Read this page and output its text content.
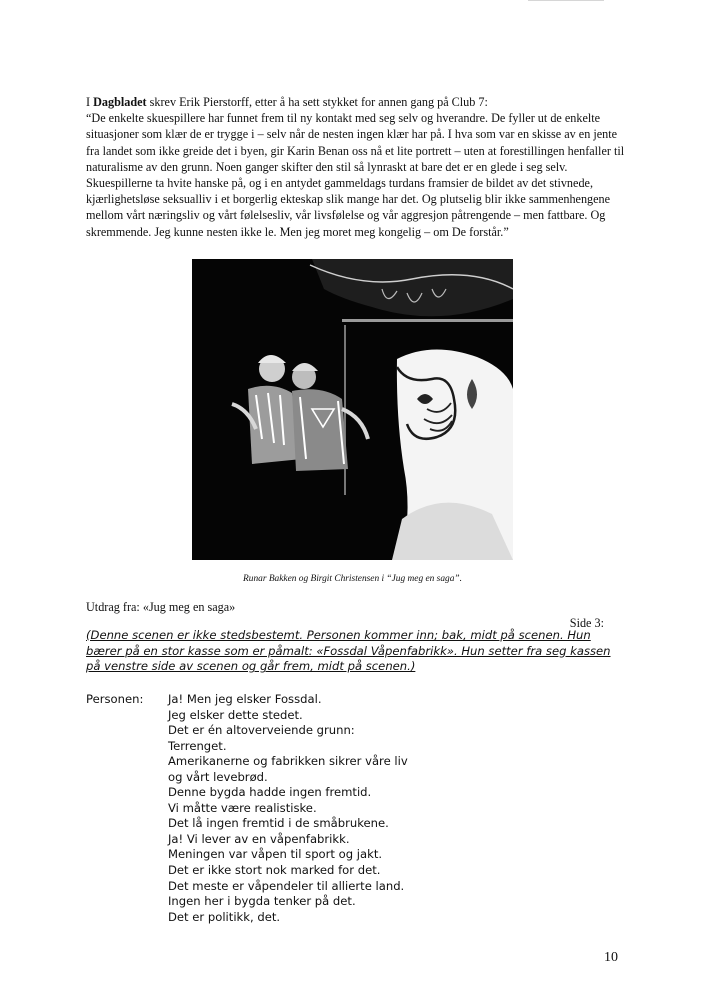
I Dagbladet skrev Erik Pierstorff, etter å ha sett stykket for annen gang på Club 7:

“De enkelte skuespillere har funnet frem til ny kontakt med seg selv og hverandre. De fyller ut de enkelte situasjoner som klær de er trygge i – selv når de nesten ingen klær har på. I hva som var en skisse av en jente fra landet som ikke greide det i byen, gir Karin Benan oss nå et lite portrett – uten at forestillingen henfaller til naturalisme av den grunn. Noen ganger skifter den stil så lynraskt at bare det er en glede i seg selv. Skuespillerne ta hvite hanske på, og i en antydet gammeldags turdans framsier de bildet av det stivnede, kjærlighetsløse seksualliv i et borgerlig ekteskap slik mange har det. Og plutselig blir ikke sammenhengene mellom vårt næringsliv og vårt følelsesliv, vår livsfølelse og vår aggresjon påtrengende – men fattbare. Og skremmende. Jeg kunne nesten ikke le. Men jeg moret meg kongelig – om De forstår.”

Runar Bakken og Birgit Christensen i “Jug meg en saga”.
Utdrag fra: «Jug meg en saga»
Side 3:
(Denne scenen er ikke stedsbestemt. Personen kommer inn; bak, midt på scenen. Hun bærer på en stor kasse som er påmalt: «Fossdal Våpenfabrikk». Hun setter fra seg kassen på venstre side av scenen og går frem, midt på scenen.)
Personen: Ja! Men jeg elsker Fossdal.
Jeg elsker dette stedet.
Det er én altoverveiende grunn:
Terrenget.
Amerikanerne og fabrikken sikrer våre liv
og vårt levebrød.
Denne bygda hadde ingen fremtid.
Vi måtte være realistiske.
Det lå ingen fremtid i de småbrukene.
Ja! Vi lever av en våpenfabrikk.
Meningen var våpen til sport og jakt.
Det er ikke stort nok marked for det.
Det meste er våpendeler til allierte land.
Ingen her i bygda tenker på det.
Det er politikk, det.
10
